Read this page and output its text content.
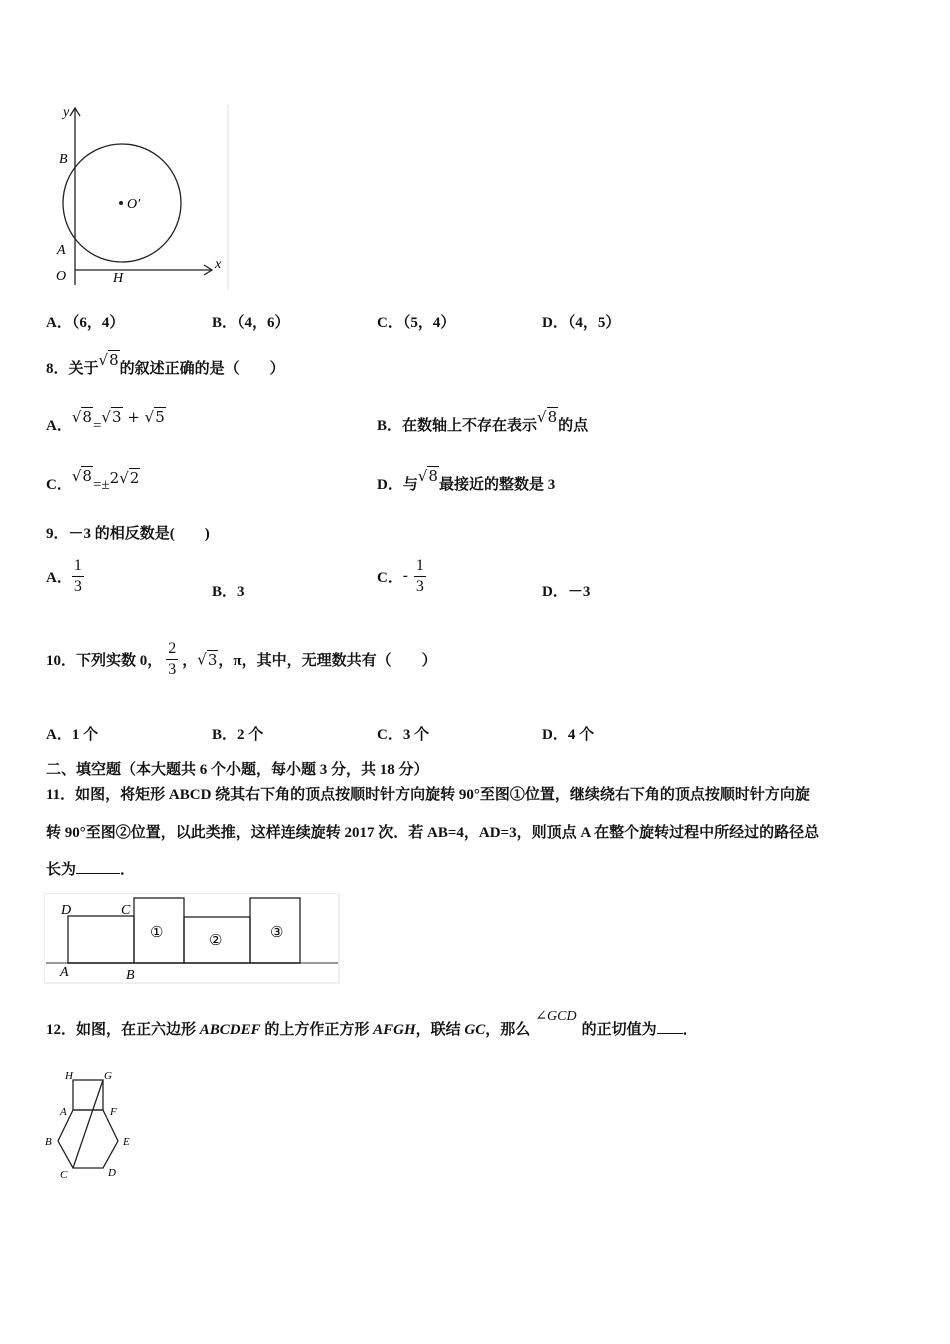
y
x
B
A
O	H
O′
A．（6，4）	B．（4，6）	C．（5，4）	D．（4，5）
8．关于√8的叙述正确的是（　　）
A．√8=√3 + √5	B．在数轴上不存在表示√8的点
C．√8=±2√2	D．与√8最接近的整数是 3
9．－3 的相反数是(　　)
A． $\frac{1}{3}$	B．3
C．- $\frac{1}{3}$	D．－3
10．下列实数 0， $\frac{2}{3}$ ，√3，π，其中，无理数共有（　　）
A．1 个	B．2 个	C．3 个	D．4 个
二、填空题（本大题共 6 个小题，每小题 3 分，共 18 分）
11．如图，将矩形 ABCD 绕其右下角的顶点按顺时针方向旋转 90°至图①位置，继续绕右下角的顶点按顺时针方向旋
转 90°至图②位置，以此类推，这样连续旋转 2017 次．若 AB=4，AD=3，则顶点 A 在整个旋转过程中所经过的路径总
长为	．
D	C
A	B
①	②	③
12．如图，在正六边形 ABCDEF 的上方作正方形 AFGH，联结 GC，那么∠GCD的正切值为 ．
H	G
A	F
B	E
C	D
